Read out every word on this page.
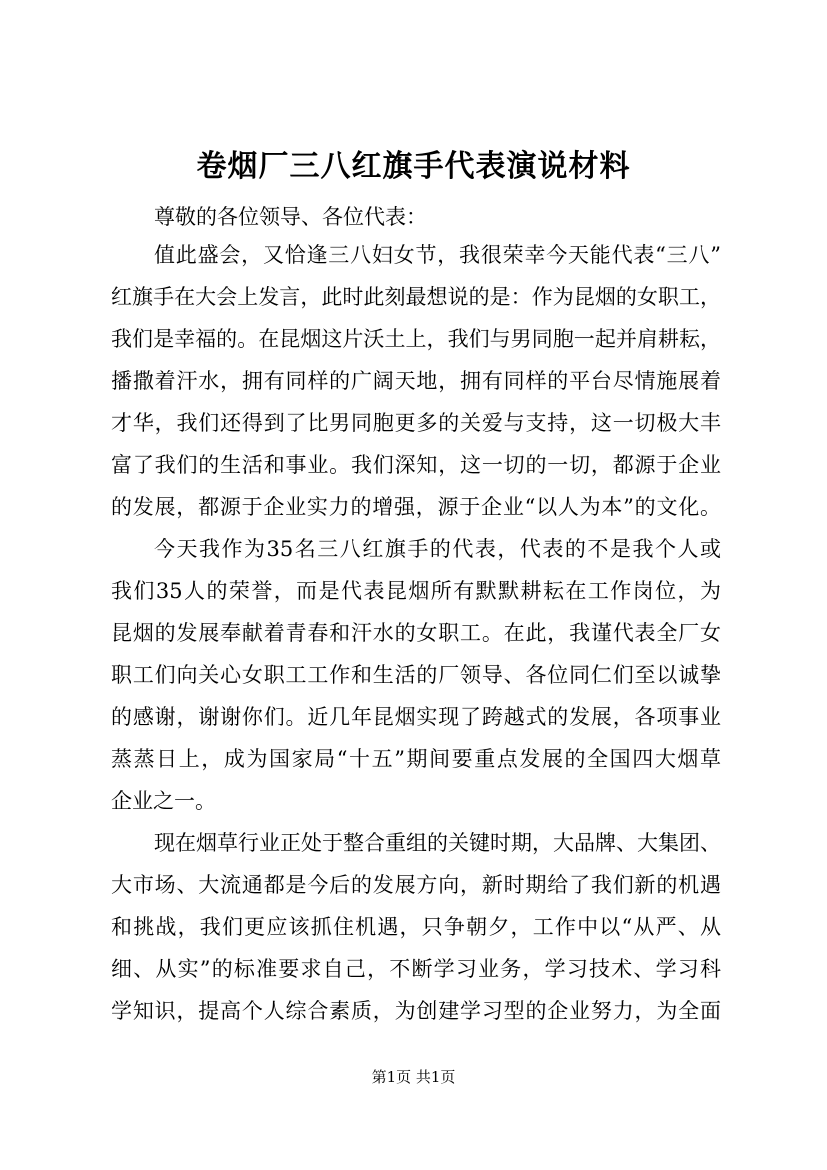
卷烟厂三八红旗手代表演说材料
尊敬的各位领导、各位代表：
值此盛会，又恰逢三八妇女节，我很荣幸今天能代表“三八”
红旗手在大会上发言，此时此刻最想说的是：作为昆烟的女职工，
我们是幸福的。在昆烟这片沃土上，我们与男同胞一起并肩耕耘，
播撒着汗水，拥有同样的广阔天地，拥有同样的平台尽情施展着
才华，我们还得到了比男同胞更多的关爱与支持，这一切极大丰
富了我们的生活和事业。我们深知，这一切的一切，都源于企业
的发展，都源于企业实力的增强，源于企业“以人为本”的文化。
今天我作为35名三八红旗手的代表，代表的不是我个人或
我们35人的荣誉，而是代表昆烟所有默默耕耘在工作岗位，为
昆烟的发展奉献着青春和汗水的女职工。在此，我谨代表全厂女
职工们向关心女职工工作和生活的厂领导、各位同仁们至以诚挚
的感谢，谢谢你们。近几年昆烟实现了跨越式的发展，各项事业
蒸蒸日上，成为国家局“十五”期间要重点发展的全国四大烟草
企业之一。
现在烟草行业正处于整合重组的关键时期，大品牌、大集团、
大市场、大流通都是今后的发展方向，新时期给了我们新的机遇
和挑战，我们更应该抓住机遇，只争朝夕，工作中以“从严、从
细、从实”的标准要求自己，不断学习业务，学习技术、学习科
学知识，提高个人综合素质，为创建学习型的企业努力，为全面
第1页 共1页
